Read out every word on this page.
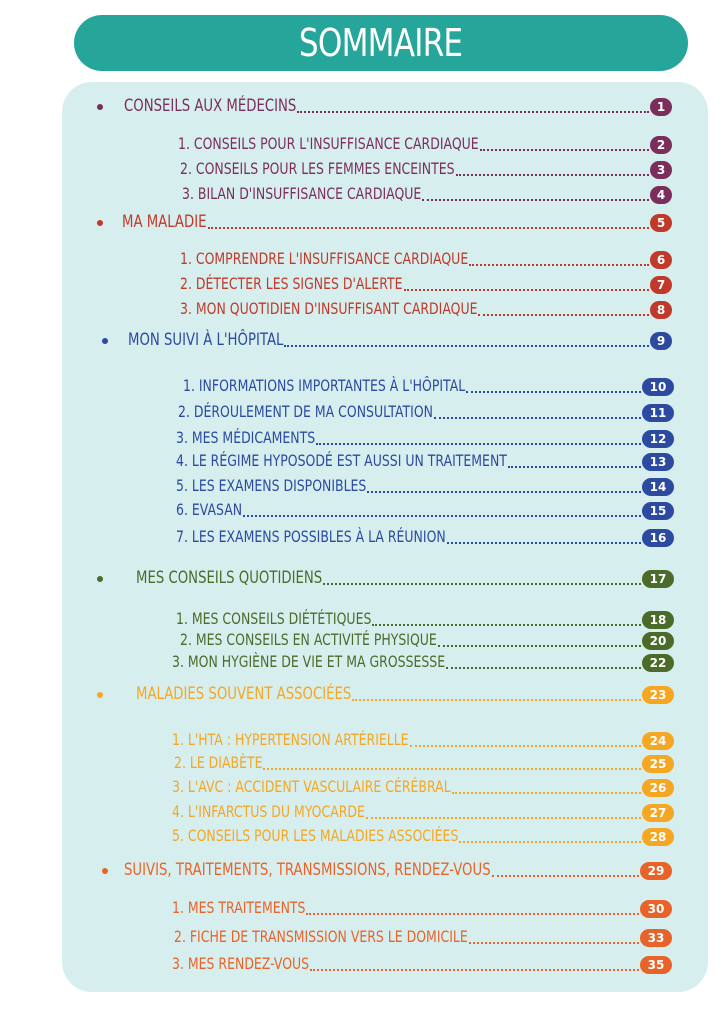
SOMMAIRE
CONSEILS AUX MÉDECINS	1
1. CONSEILS POUR L'INSUFFISANCE CARDIAQUE	2
2. CONSEILS POUR LES FEMMES ENCEINTES	3
3. BILAN D'INSUFFISANCE CARDIAQUE	4
MA MALADIE	5
1. COMPRENDRE L'INSUFFISANCE CARDIAQUE	6
2. DÉTECTER LES SIGNES D'ALERTE	7
3. MON QUOTIDIEN D'INSUFFISANT CARDIAQUE	8
MON SUIVI À L'HÔPITAL	9
1. INFORMATIONS IMPORTANTES À L'HÔPITAL	10
2. DÉROULEMENT DE MA CONSULTATION	11
3. MES MÉDICAMENTS	12
4. LE RÉGIME HYPOSODÉ EST AUSSI UN TRAITEMENT	13
5. LES EXAMENS DISPONIBLES	14
6. EVASAN	15
7. LES EXAMENS POSSIBLES À LA RÉUNION	16
MES CONSEILS QUOTIDIENS	17
1. MES CONSEILS DIÉTÉTIQUES	18
2. MES CONSEILS EN ACTIVITÉ PHYSIQUE	20
3. MON HYGIÈNE DE VIE ET MA GROSSESSE	22
MALADIES SOUVENT ASSOCIÉES	23
1. L'HTA : HYPERTENSION ARTÉRIELLE	24
2. LE DIABÈTE	25
3. L'AVC : ACCIDENT VASCULAIRE CÉRÉBRAL	26
4. L'INFARCTUS DU MYOCARDE	27
5. CONSEILS POUR LES MALADIES ASSOCIÉES	28
SUIVIS, TRAITEMENTS, TRANSMISSIONS, RENDEZ-VOUS	29
1. MES TRAITEMENTS	30
2. FICHE DE TRANSMISSION VERS LE DOMICILE	33
3. MES RENDEZ-VOUS	35
